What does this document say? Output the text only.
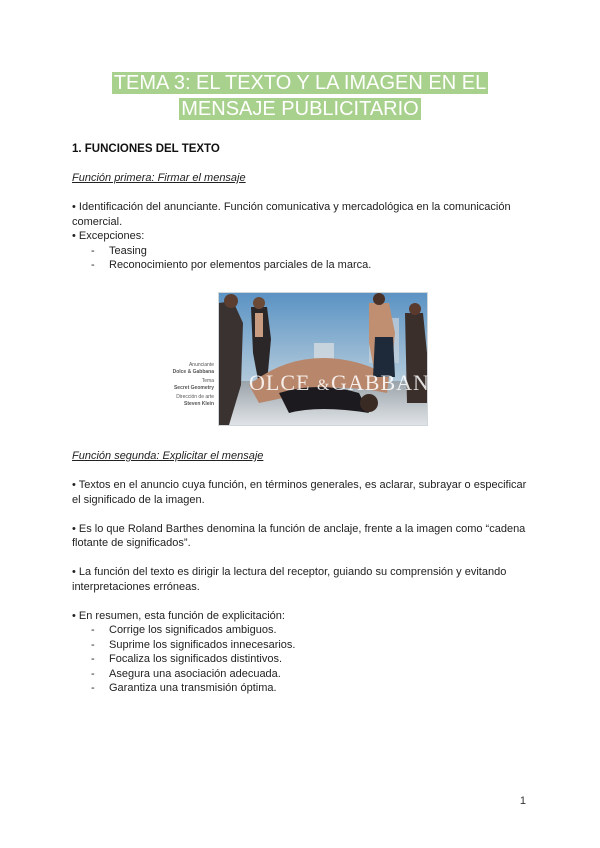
TEMA 3: EL TEXTO Y LA IMAGEN EN EL
MENSAJE PUBLICITARIO
1. FUNCIONES DEL TEXTO
Función primera: Firmar el mensaje

• Identificación del anunciante. Función comunicativa y mercadológica en la comunicación comercial.

• Excepciones:

- Teasing
- Reconocimiento por elementos parciales de la marca.
OLCE & GABBANA
Anunciante
Dolce & Gabbana
Tema
Secret Geometry
Dirección de arte
Steven Klein
Función segunda: Explicitar el mensaje

• Textos en el anuncio cuya función, en términos generales, es aclarar, subrayar o especificar el significado de la imagen.

• Es lo que Roland Barthes denomina la función de anclaje, frente a la imagen como “cadena flotante de significados”.

• La función del texto es dirigir la lectura del receptor, guiando su comprensión y evitando interpretaciones erróneas.

• En resumen, esta función de explicitación:

- Corrige los significados ambiguos.
- Suprime los significados innecesarios.
- Focaliza los significados distintivos.
- Asegura una asociación adecuada.
- Garantiza una transmisión óptima.
1
